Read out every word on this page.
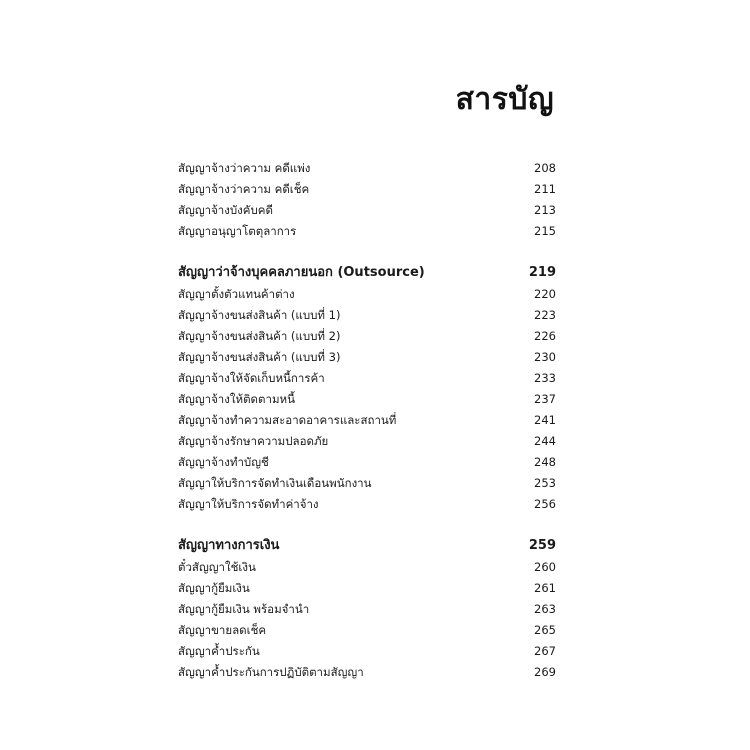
สารบัญ
สัญญาจ้างว่าความ คดีแพ่ง	208
สัญญาจ้างว่าความ คดีเช็ค	211
สัญญาจ้างบังคับคดี	213
สัญญาอนุญาโตตุลาการ	215
สัญญาว่าจ้างบุคคลภายนอก (Outsource)	219
สัญญาตั้งตัวแทนค้าต่าง	220
สัญญาจ้างขนส่งสินค้า (แบบที่ 1)	223
สัญญาจ้างขนส่งสินค้า (แบบที่ 2)	226
สัญญาจ้างขนส่งสินค้า (แบบที่ 3)	230
สัญญาจ้างให้จัดเก็บหนี้การค้า	233
สัญญาจ้างให้ติดตามหนี้	237
สัญญาจ้างทำความสะอาดอาคารและสถานที่	241
สัญญาจ้างรักษาความปลอดภัย	244
สัญญาจ้างทำบัญชี	248
สัญญาให้บริการจัดทำเงินเดือนพนักงาน	253
สัญญาให้บริการจัดทำค่าจ้าง	256
สัญญาทางการเงิน	259
ตั๋วสัญญาใช้เงิน	260
สัญญากู้ยืมเงิน	261
สัญญากู้ยืมเงิน พร้อมจำนำ	263
สัญญาขายลดเช็ค	265
สัญญาค้ำประกัน	267
สัญญาค้ำประกันการปฏิบัติตามสัญญา	269
